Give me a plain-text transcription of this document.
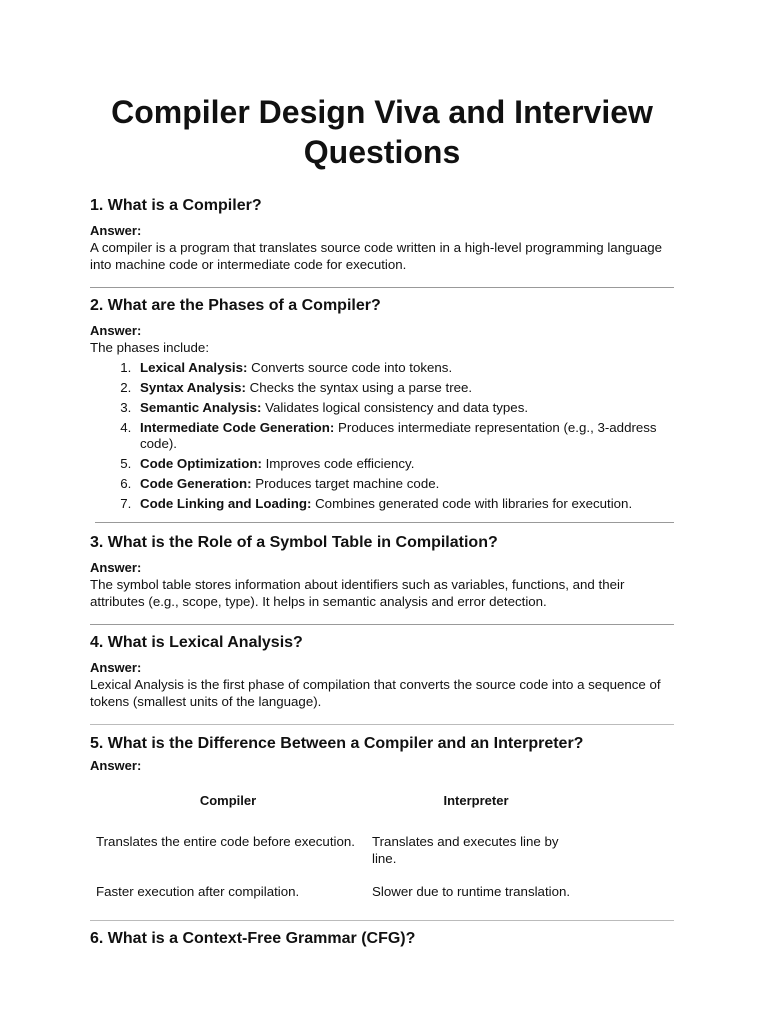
Compiler Design Viva and Interview Questions
1. What is a Compiler?
Answer:
A compiler is a program that translates source code written in a high-level programming language into machine code or intermediate code for execution.
2. What are the Phases of a Compiler?
Answer:
The phases include:
1. Lexical Analysis: Converts source code into tokens.
2. Syntax Analysis: Checks the syntax using a parse tree.
3. Semantic Analysis: Validates logical consistency and data types.
4. Intermediate Code Generation: Produces intermediate representation (e.g., 3-address code).
5. Code Optimization: Improves code efficiency.
6. Code Generation: Produces target machine code.
7. Code Linking and Loading: Combines generated code with libraries for execution.
3. What is the Role of a Symbol Table in Compilation?
Answer:
The symbol table stores information about identifiers such as variables, functions, and their attributes (e.g., scope, type). It helps in semantic analysis and error detection.
4. What is Lexical Analysis?
Answer:
Lexical Analysis is the first phase of compilation that converts the source code into a sequence of tokens (smallest units of the language).
5. What is the Difference Between a Compiler and an Interpreter?
Answer:
Compiler	Interpreter
Translates the entire code before execution.	Translates and executes line by line.
Faster execution after compilation.	Slower due to runtime translation.
6. What is a Context-Free Grammar (CFG)?
